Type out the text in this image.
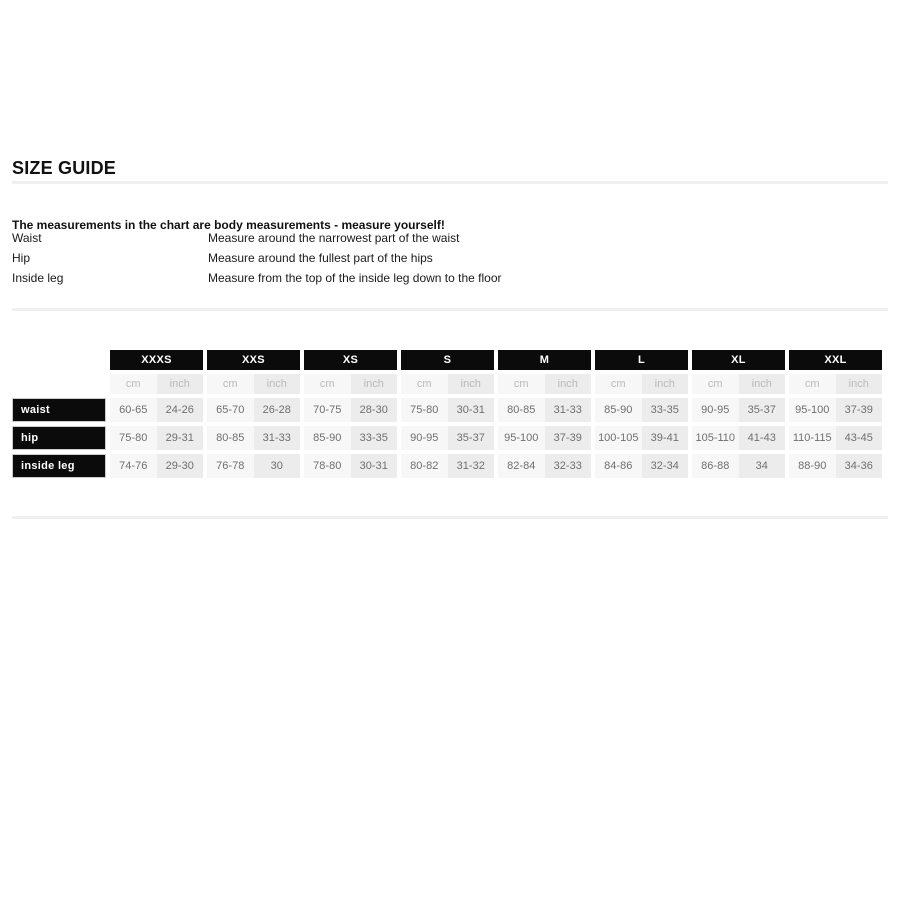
SIZE GUIDE

The measurements in the chart are body measurements - measure yourself!

Waist	Measure around the narrowest part of the waist
Hip	Measure around the fullest part of the hips
Inside leg	Measure from the top of the inside leg down to the floor
XXXS	XXS	XS	S	M	L	XL	XXL
cm	inch	cm	inch	cm	inch	cm	inch	cm	inch	cm	inch	cm	inch	cm	inch
waist	60-65	24-26	65-70	26-28	70-75	28-30	75-80	30-31	80-85	31-33	85-90	33-35	90-95	35-37	95-100	37-39
hip	75-80	29-31	80-85	31-33	85-90	33-35	90-95	35-37	95-100	37-39	100-105	39-41	105-110	41-43	110-115	43-45
inside leg	74-76	29-30	76-78	30	78-80	30-31	80-82	31-32	82-84	32-33	84-86	32-34	86-88	34	88-90	34-36
